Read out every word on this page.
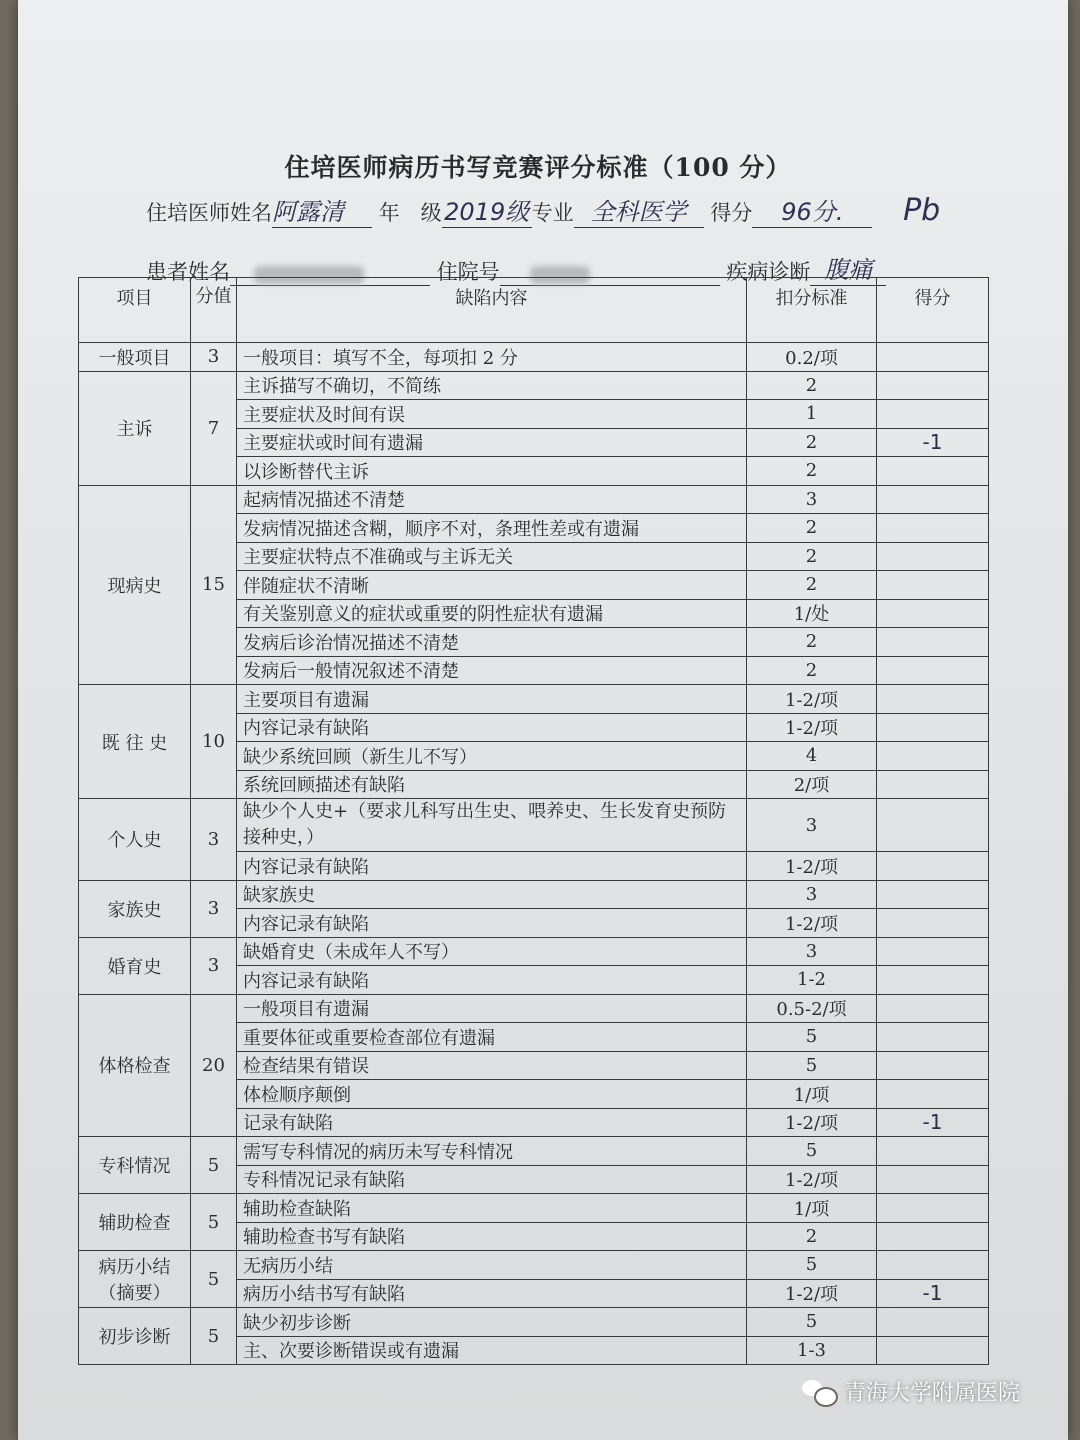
住培医师病历书写竞赛评分标准（100 分）
住培医师姓名阿露清 年　级 2019级 专业 全科医学 得分 96分. Pb
患者姓名	住院号	疾病诊断 腹痛
项目	分值	缺陷内容	扣分标准	得分
一般项目	3	一般项目：填写不全，每项扣 2 分	0.2/项	
主诉	7	主诉描写不确切，不简练	2	
		主要症状及时间有误	1	
		主要症状或时间有遗漏	2	-1
		以诊断替代主诉	2	
现病史	15	起病情况描述不清楚	3	
		发病情况描述含糊，顺序不对，条理性差或有遗漏	2	
		主要症状特点不准确或与主诉无关	2	
		伴随症状不清晰	2	
		有关鉴别意义的症状或重要的阴性症状有遗漏	1/处	
		发病后诊治情况描述不清楚	2	
		发病后一般情况叙述不清楚	2	
既 往 史	10	主要项目有遗漏	1-2/项	
		内容记录有缺陷	1-2/项	
		缺少系统回顾（新生儿不写）	4	
		系统回顾描述有缺陷	2/项	
个人史	3	缺少个人史+（要求儿科写出生史、喂养史、生长发育史预防接种史，）	3	
		内容记录有缺陷	1-2/项	
家族史	3	缺家族史	3	
		内容记录有缺陷	1-2/项	
婚育史	3	缺婚育史（未成年人不写）	3	
		内容记录有缺陷	1-2	
体格检查	20	一般项目有遗漏	0.5-2/项	
		重要体征或重要检查部位有遗漏	5	
		检查结果有错误	5	
		体检顺序颠倒	1/项	
		记录有缺陷	1-2/项	-1
专科情况	5	需写专科情况的病历未写专科情况	5	
		专科情况记录有缺陷	1-2/项	
辅助检查	5	辅助检查缺陷	1/项	
		辅助检查书写有缺陷	2	
病历小结（摘要）	5	无病历小结	5	
		病历小结书写有缺陷	1-2/项	-1
初步诊断	5	缺少初步诊断	5	
		主、次要诊断错误或有遗漏	1-3	
青海大学附属医院
